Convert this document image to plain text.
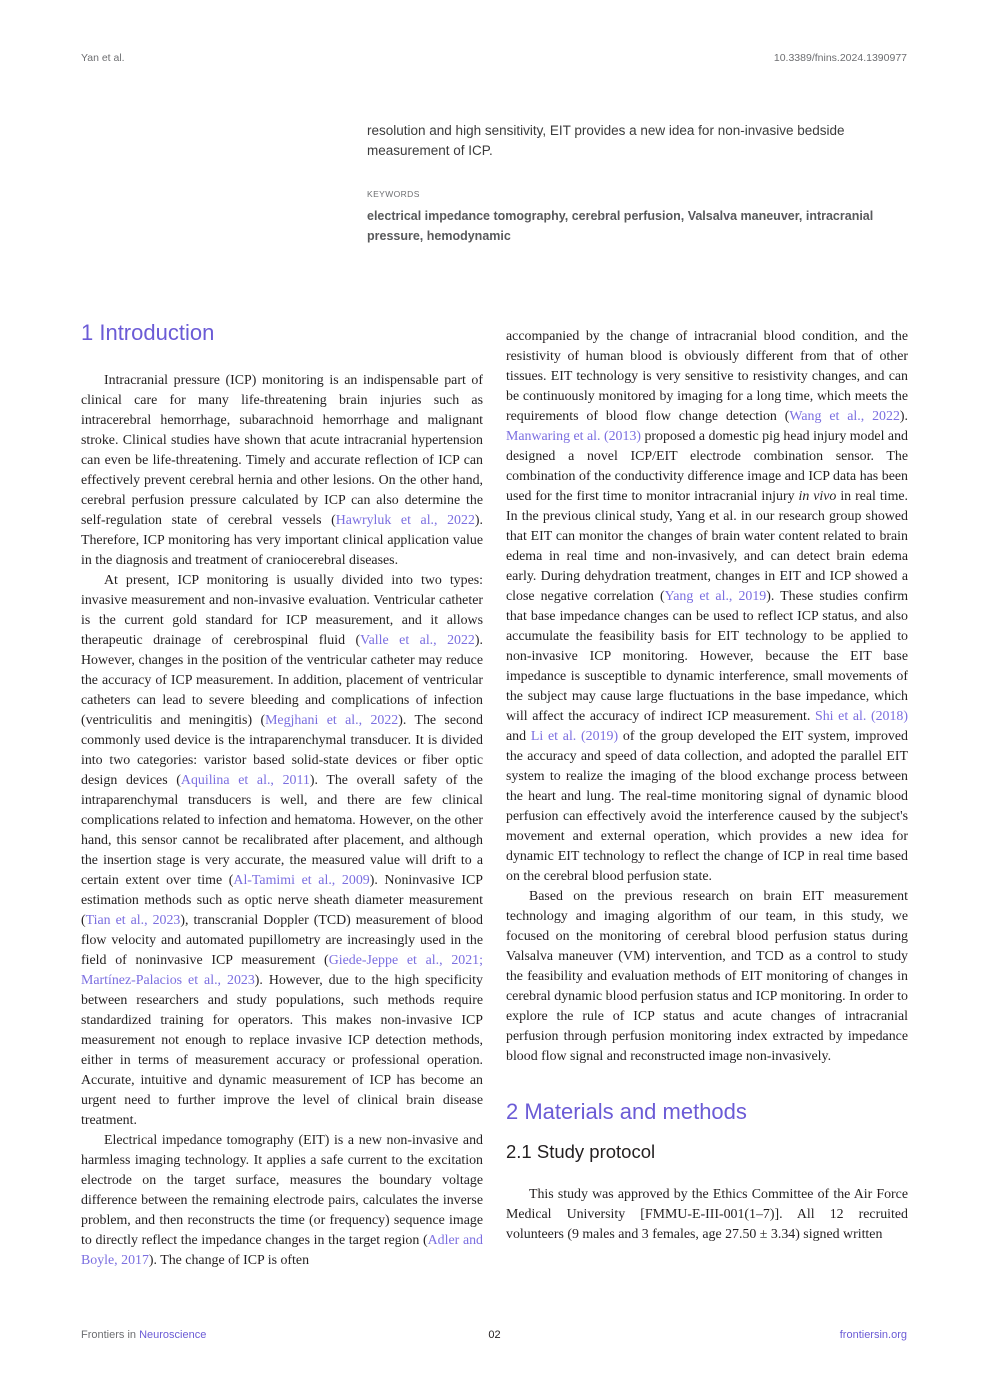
Yan et al.	10.3389/fnins.2024.1390977
resolution and high sensitivity, EIT provides a new idea for non-invasive bedside measurement of ICP.
KEYWORDS
electrical impedance tomography, cerebral perfusion, Valsalva maneuver, intracranial pressure, hemodynamic
1 Introduction

Intracranial pressure (ICP) monitoring is an indispensable part of clinical care for many life-threatening brain injuries such as intracerebral hemorrhage, subarachnoid hemorrhage and malignant stroke. Clinical studies have shown that acute intracranial hypertension can even be life-threatening. Timely and accurate reflection of ICP can effectively prevent cerebral hernia and other lesions. On the other hand, cerebral perfusion pressure calculated by ICP can also determine the self-regulation state of cerebral vessels (Hawryluk et al., 2022). Therefore, ICP monitoring has very important clinical application value in the diagnosis and treatment of craniocerebral diseases.

At present, ICP monitoring is usually divided into two types: invasive measurement and non-invasive evaluation. Ventricular catheter is the current gold standard for ICP measurement, and it allows therapeutic drainage of cerebrospinal fluid (Valle et al., 2022). However, changes in the position of the ventricular catheter may reduce the accuracy of ICP measurement. In addition, placement of ventricular catheters can lead to severe bleeding and complications of infection (ventriculitis and meningitis) (Megjhani et al., 2022). The second commonly used device is the intraparenchymal transducer. It is divided into two categories: varistor based solid-state devices or fiber optic design devices (Aquilina et al., 2011). The overall safety of the intraparenchymal transducers is well, and there are few clinical complications related to infection and hematoma. However, on the other hand, this sensor cannot be recalibrated after placement, and although the insertion stage is very accurate, the measured value will drift to a certain extent over time (Al-Tamimi et al., 2009). Noninvasive ICP estimation methods such as optic nerve sheath diameter measurement (Tian et al., 2023), transcranial Doppler (TCD) measurement of blood flow velocity and automated pupillometry are increasingly used in the field of noninvasive ICP measurement (Giede-Jeppe et al., 2021; Martínez-Palacios et al., 2023). However, due to the high specificity between researchers and study populations, such methods require standardized training for operators. This makes non-invasive ICP measurement not enough to replace invasive ICP detection methods, either in terms of measurement accuracy or professional operation. Accurate, intuitive and dynamic measurement of ICP has become an urgent need to further improve the level of clinical brain disease treatment.

Electrical impedance tomography (EIT) is a new non-invasive and harmless imaging technology. It applies a safe current to the excitation electrode on the target surface, measures the boundary voltage difference between the remaining electrode pairs, calculates the inverse problem, and then reconstructs the time (or frequency) sequence image to directly reflect the impedance changes in the target region (Adler and Boyle, 2017). The change of ICP is often

accompanied by the change of intracranial blood condition, and the resistivity of human blood is obviously different from that of other tissues. EIT technology is very sensitive to resistivity changes, and can be continuously monitored by imaging for a long time, which meets the requirements of blood flow change detection (Wang et al., 2022). Manwaring et al. (2013) proposed a domestic pig head injury model and designed a novel ICP/EIT electrode combination sensor. The combination of the conductivity difference image and ICP data has been used for the first time to monitor intracranial injury in vivo in real time. In the previous clinical study, Yang et al. in our research group showed that EIT can monitor the changes of brain water content related to brain edema in real time and non-invasively, and can detect brain edema early. During dehydration treatment, changes in EIT and ICP showed a close negative correlation (Yang et al., 2019). These studies confirm that base impedance changes can be used to reflect ICP status, and also accumulate the feasibility basis for EIT technology to be applied to non-invasive ICP monitoring. However, because the EIT base impedance is susceptible to dynamic interference, small movements of the subject may cause large fluctuations in the base impedance, which will affect the accuracy of indirect ICP measurement. Shi et al. (2018) and Li et al. (2019) of the group developed the EIT system, improved the accuracy and speed of data collection, and adopted the parallel EIT system to realize the imaging of the blood exchange process between the heart and lung. The real-time monitoring signal of dynamic blood perfusion can effectively avoid the interference caused by the subject's movement and external operation, which provides a new idea for dynamic EIT technology to reflect the change of ICP in real time based on the cerebral blood perfusion state.

Based on the previous research on brain EIT measurement technology and imaging algorithm of our team, in this study, we focused on the monitoring of cerebral blood perfusion status during Valsalva maneuver (VM) intervention, and TCD as a control to study the feasibility and evaluation methods of EIT monitoring of changes in cerebral dynamic blood perfusion status and ICP monitoring. In order to explore the rule of ICP status and acute changes of intracranial perfusion through perfusion monitoring index extracted by impedance blood flow signal and reconstructed image non-invasively.

2 Materials and methods
2.1 Study protocol

This study was approved by the Ethics Committee of the Air Force Medical University [FMMU-E-III-001(1–7)]. All 12 recruited volunteers (9 males and 3 females, age 27.50 ± 3.34) signed written

Frontiers in Neuroscience	02	frontiersin.org
